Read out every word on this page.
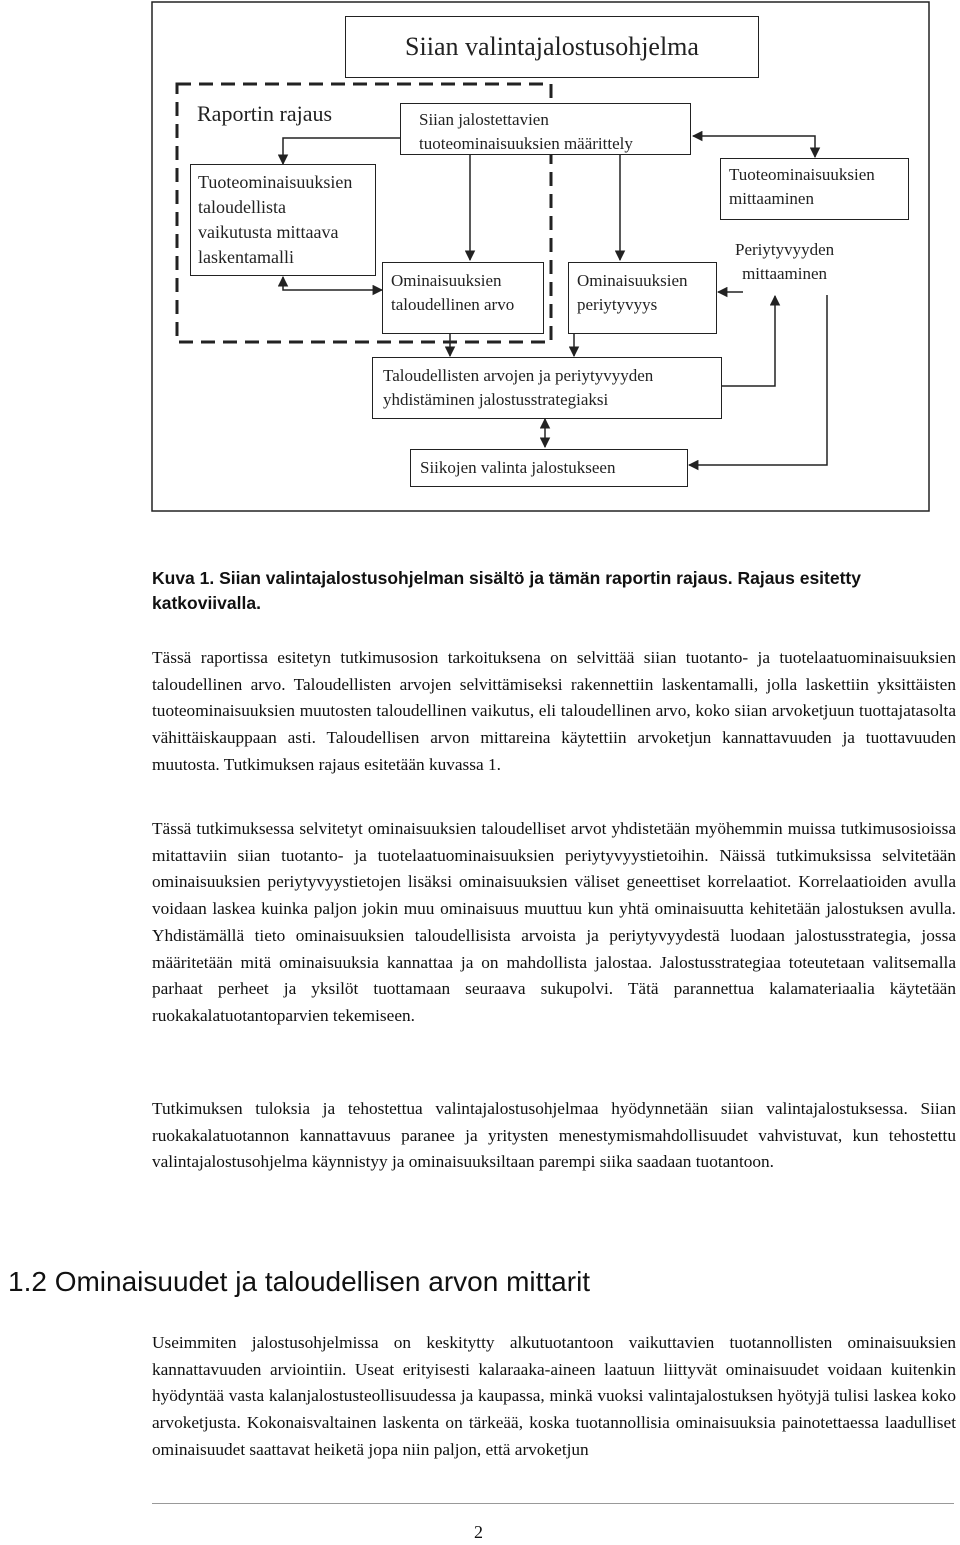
Siian valintajalostusohjelma
Raportin rajaus
Tuoteominaisuuksien
taloudellista
vaikutusta mittaava
laskentamalli
Siian jalostettavien
tuoteominaisuuksien määrittely
Ominaisuuksien
taloudellinen arvo
Ominaisuuksien
periytyvyys
Tuoteominaisuuksien
mittaaminen
Periytyvyyden
mittaaminen
Taloudellisten arvojen ja periytyvyyden
yhdistäminen jalostusstrategiaksi
Siikojen valinta jalostukseen
Kuva 1. Siian valintajalostusohjelman sisältö ja tämän raportin rajaus. Rajaus esitetty katkoviivalla.

Tässä raportissa esitetyn tutkimusosion tarkoituksena on selvittää siian tuotanto- ja tuotelaatuominaisuuksien taloudellinen arvo. Taloudellisten arvojen selvittämiseksi rakennettiin laskentamalli, jolla laskettiin yksittäisten tuoteominaisuuksien muutosten taloudellinen vaikutus, eli taloudellinen arvo, koko siian arvoketjuun tuottajatasolta vähittäiskauppaan asti. Taloudellisen arvon mittareina käytettiin arvoketjun kannattavuuden ja tuottavuuden muutosta. Tutkimuksen rajaus esitetään kuvassa 1.

Tässä tutkimuksessa selvitetyt ominaisuuksien taloudelliset arvot yhdistetään myöhemmin muissa tutkimusosioissa mitattaviin siian tuotanto- ja tuotelaatuominaisuuksien periytyvyystietoihin. Näissä tutkimuksissa selvitetään ominaisuuksien periytyvyystietojen lisäksi ominaisuuksien väliset geneettiset korrelaatiot. Korrelaatioiden avulla voidaan laskea kuinka paljon jokin muu ominaisuus muuttuu kun yhtä ominaisuutta kehitetään jalostuksen avulla. Yhdistämällä tieto ominaisuuksien taloudellisista arvoista ja periytyvyydestä luodaan jalostusstrategia, jossa määritetään mitä ominaisuuksia kannattaa ja on mahdollista jalostaa. Jalostusstrategiaa toteutetaan valitsemalla parhaat perheet ja yksilöt tuottamaan seuraava sukupolvi. Tätä parannettua kalamateriaalia käytetään ruokakalatuotantoparvien tekemiseen.

Tutkimuksen tuloksia ja tehostettua valintajalostusohjelmaa hyödynnetään siian valintajalostuksessa. Siian ruokakalatuotannon kannattavuus paranee ja yritysten menestymismahdollisuudet vahvistuvat, kun tehostettu valintajalostusohjelma käynnistyy ja ominaisuuksiltaan parempi siika saadaan tuotantoon.

1.2 Ominaisuudet ja taloudellisen arvon mittarit

Useimmiten jalostusohjelmissa on keskitytty alkutuotantoon vaikuttavien tuotannollisten ominaisuuksien kannattavuuden arviointiin. Useat erityisesti kalaraaka-aineen laatuun liittyvät ominaisuudet voidaan kuitenkin hyödyntää vasta kalanjalostusteollisuudessa ja kaupassa, minkä vuoksi valintajalostuksen hyötyjä tulisi laskea koko arvoketjusta. Kokonaisvaltainen laskenta on tärkeää, koska tuotannollisia ominaisuuksia painotettaessa laadulliset ominaisuudet saattavat heiketä jopa niin paljon, että arvoketjun

2
